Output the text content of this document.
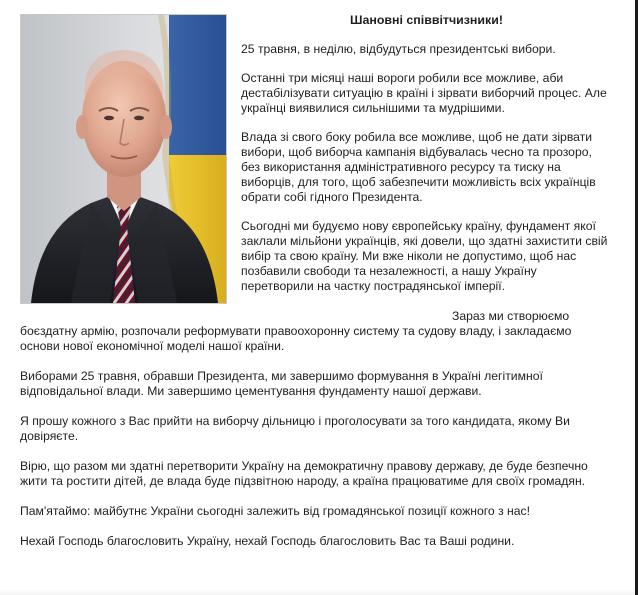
Шановні співвітчизники!

25 травня, в неділю, відбудуться президентські вибори.

Останні три місяці наші вороги робили все можливе, аби дестабілізувати ситуацію в країні і зірвати виборчий процес. Але українці виявилися сильнішими та мудрішими.

Влада зі свого боку робила все можливе, щоб не дати зірвати вибори, щоб виборча кампанія відбувалась чесно та прозоро, без використання адміністративного ресурсу та тиску на виборців, для того, щоб забезпечити можливість всіх українців обрати собі гідного Президента.

Сьогодні ми будуємо нову європейську країну, фундамент якої заклали мільйони українців, які довели, що здатні захистити свій вибір та свою країну. Ми вже ніколи не допустимо, щоб нас позбавили свободи та незалежності, а нашу Україну перетворили на частку пострадянської імперії.

Зараз ми створюємо боєздатну армію, розпочали реформувати правоохоронну систему та судову владу, і закладаємо основи нової економічної моделі нашої країни.

Виборами 25 травня, обравши Президента, ми завершимо формування в Україні легітимної відповідальної влади. Ми завершимо цементування фундаменту нашої держави.

Я прошу кожного з Вас прийти на виборчу дільницю і проголосувати за того кандидата, якому Ви довіряєте.

Вірю, що разом ми здатні перетворити Україну на демократичну правову державу, де буде безпечно жити та ростити дітей, де влада буде підзвітною народу, а країна працюватиме для своїх громадян.

Пам'ятаймо: майбутнє України сьогодні залежить від громадянської позиції кожного з нас!

Нехай Господь благословить Україну, нехай Господь благословить Вас та Ваші родини.
